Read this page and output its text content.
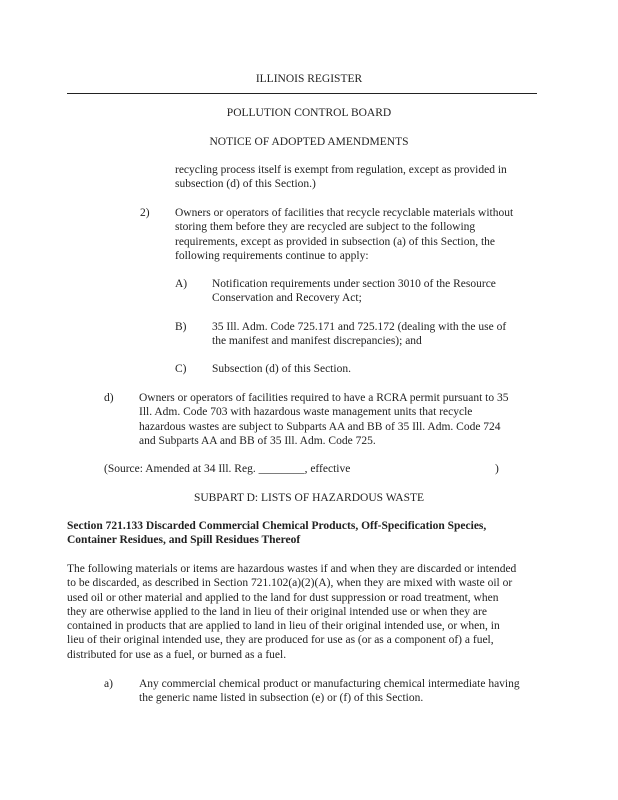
ILLINOIS REGISTER
POLLUTION CONTROL BOARD
NOTICE OF ADOPTED AMENDMENTS
recycling process itself is exempt from regulation, except as provided in
subsection (d) of this Section.)
2) Owners or operators of facilities that recycle recyclable materials without
storing them before they are recycled are subject to the following
requirements, except as provided in subsection (a) of this Section, the
following requirements continue to apply:
A) Notification requirements under section 3010 of the Resource
Conservation and Recovery Act;
B) 35 Ill. Adm. Code 725.171 and 725.172 (dealing with the use of
the manifest and manifest discrepancies); and
C) Subsection (d) of this Section.
d) Owners or operators of facilities required to have a RCRA permit pursuant to 35
Ill. Adm. Code 703 with hazardous waste management units that recycle
hazardous wastes are subject to Subparts AA and BB of 35 Ill. Adm. Code 724
and Subparts AA and BB of 35 Ill. Adm. Code 725.
(Source: Amended at 34 Ill. Reg. ________, effective	)
SUBPART D: LISTS OF HAZARDOUS WASTE
Section 721.133 Discarded Commercial Chemical Products, Off-Specification Species,
Container Residues, and Spill Residues Thereof
The following materials or items are hazardous wastes if and when they are discarded or intended
to be discarded, as described in Section 721.102(a)(2)(A), when they are mixed with waste oil or
used oil or other material and applied to the land for dust suppression or road treatment, when
they are otherwise applied to the land in lieu of their original intended use or when they are
contained in products that are applied to land in lieu of their original intended use, or when, in
lieu of their original intended use, they are produced for use as (or as a component of) a fuel,
distributed for use as a fuel, or burned as a fuel.
a) Any commercial chemical product or manufacturing chemical intermediate having
the generic name listed in subsection (e) or (f) of this Section.
